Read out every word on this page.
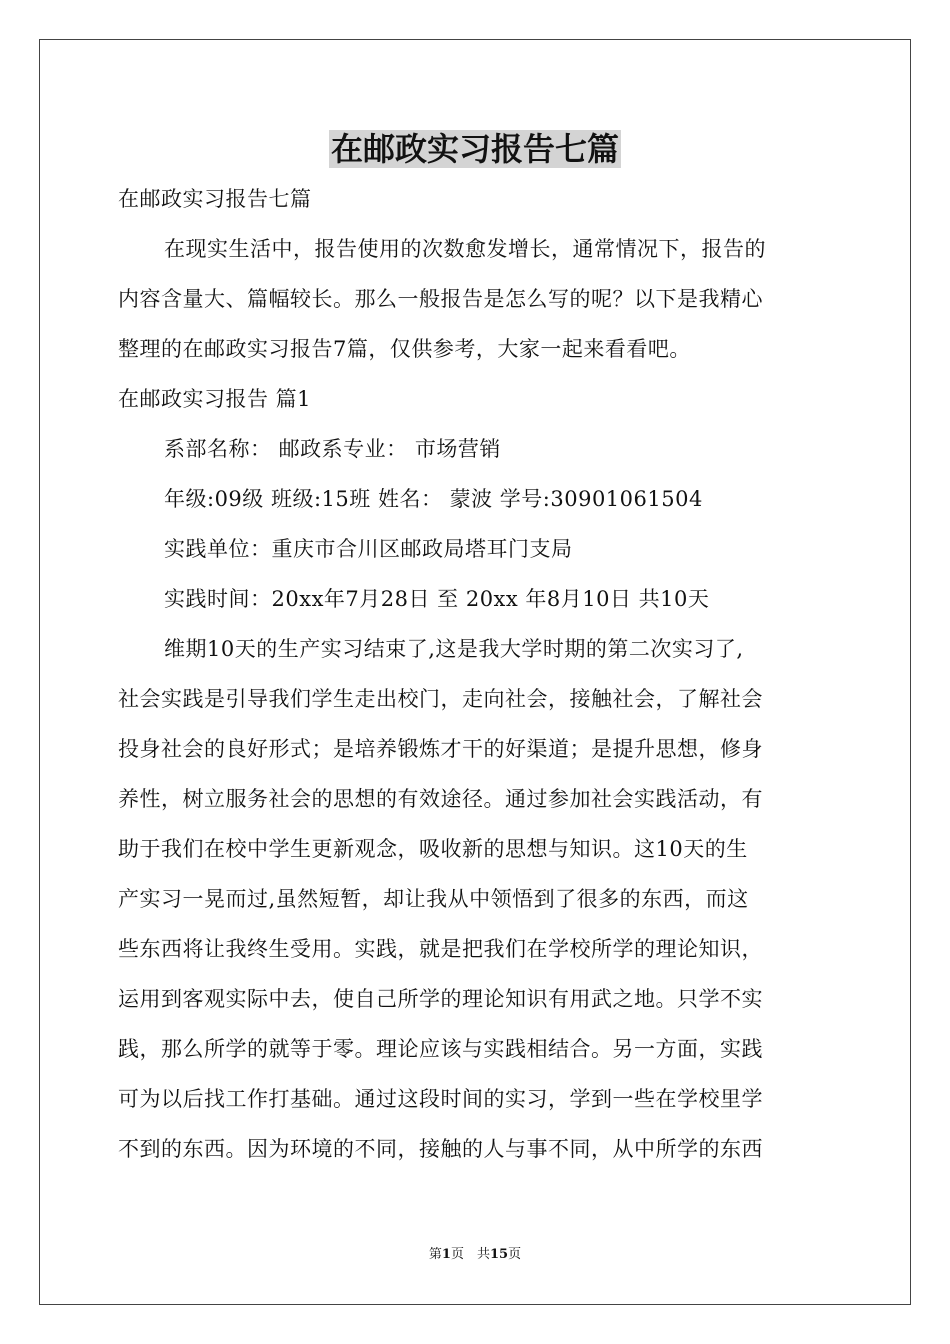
在邮政实习报告七篇
在邮政实习报告七篇
在现实生活中，报告使用的次数愈发增长，通常情况下，报告的
内容含量大、篇幅较长。那么一般报告是怎么写的呢？以下是我精心
整理的在邮政实习报告7篇，仅供参考，大家一起来看看吧。
在邮政实习报告 篇1
系部名称： 邮政系专业： 市场营销
年级:09级 班级:15班 姓名： 蒙波 学号:30901061504
实践单位：重庆市合川区邮政局塔耳门支局
实践时间：20xx年7月28日 至 20xx 年8月10日 共10天
维期10天的生产实习结束了,这是我大学时期的第二次实习了,
社会实践是引导我们学生走出校门，走向社会，接触社会，了解社会
投身社会的良好形式；是培养锻炼才干的好渠道；是提升思想，修身
养性，树立服务社会的思想的有效途径。通过参加社会实践活动，有
助于我们在校中学生更新观念，吸收新的思想与知识。这10天的生
产实习一晃而过,虽然短暂，却让我从中领悟到了很多的东西，而这
些东西将让我终生受用。实践，就是把我们在学校所学的理论知识，
运用到客观实际中去，使自己所学的理论知识有用武之地。只学不实
践，那么所学的就等于零。理论应该与实践相结合。另一方面，实践
可为以后找工作打基础。通过这段时间的实习，学到一些在学校里学
不到的东西。因为环境的不同，接触的人与事不同，从中所学的东西
第1页　共15页
